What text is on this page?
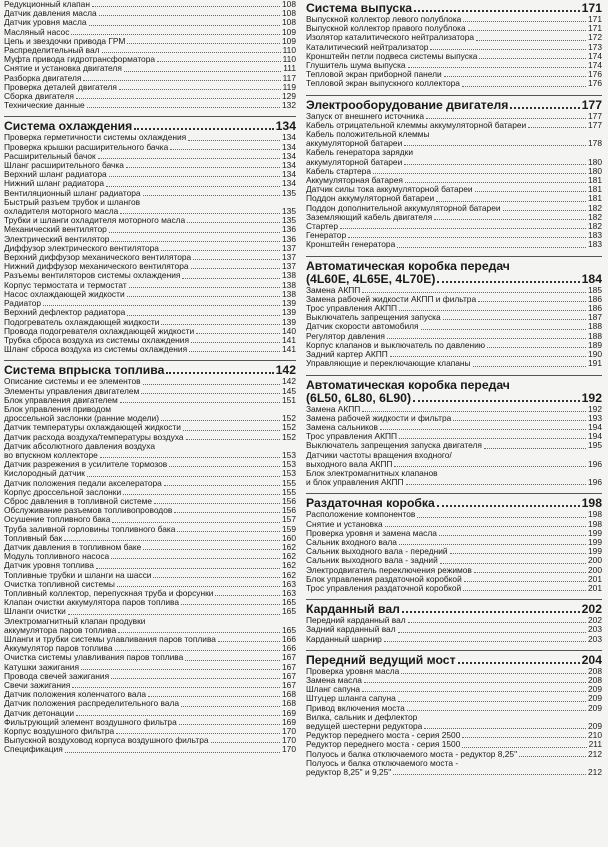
Редукционный клапан	108
Датчик давления масла	108
Датчик уровня масла	108
Масляный насос	109
Цепь и звездочки привода ГРМ	109
Распределительный вал	110
Муфта привода гидротрансформатора	110
Снятие и установка двигателя	111
Разборка двигателя	117
Проверка деталей двигателя	119
Сборка двигателя	129
Технические данные	132
Система охлаждения	134
Проверка герметичности системы охлаждения	134
Проверка крышки расширительного бачка	134
Расширительный бачок	134
Шланг расширительного бачка	134
Верхний шланг радиатора	134
Нижний шланг радиатора	134
Вентиляционный шланг радиатора	135
Быстрый разъем трубок и шлангов
охладителя моторного масла	135
Трубки и шланги охладителя моторного масла	135
Механический вентилятор	136
Электрический вентилятор	136
Диффузор электрического вентилятора	137
Верхний диффузор механического вентилятора	137
Нижний диффузор механического вентилятора	137
Разъемы вентиляторов системы охлаждения	138
Корпус термостата и термостат	138
Насос охлаждающей жидкости	138
Радиатор	139
Верхний дефлектор радиатора	139
Подогреватель охлаждающей жидкости	139
Провода подогревателя охлаждающей жидкости	140
Трубка сброса воздуха из системы охлаждения	141
Шланг сброса воздуха из системы охлаждения	141
Система впрыска топлива	142
Описание системы и ее элементов	142
Элементы управления двигателем	145
Блок управления двигателем	151
Блок управления приводом
дроссельной заслонки (ранние модели)	152
Датчик температуры охлаждающей жидкости	152
Датчик расхода воздуха/температуры воздуха	152
Датчик абсолютного давления воздуха
во впускном коллекторе	153
Датчик разрежения в усилителе тормозов	153
Кислородный датчик	153
Датчик положения педали акселератора	155
Корпус дроссельной заслонки	155
Сброс давления в топливной системе	156
Обслуживание разъемов топливопроводов	156
Осушение топливного бака	157
Труба заливной горловины топливного бака	159
Топливный бак	160
Датчик давления в топливном баке	162
Модуль топливного насоса	162
Датчик уровня топлива	162
Топливные трубки и шланги на шасси	162
Очистка топливной системы	163
Топливный коллектор, перепускная труба и форсунки	163
Клапан очистки аккумулятора паров топлива	165
Шланги очистки	165
Электромагнитный клапан продувки
аккумулятора паров топлива	165
Шланги и трубки системы улавливания паров топлива	166
Аккумулятор паров топлива	166
Очистка системы улавливания паров топлива	167
Катушки зажигания	167
Провода свечей зажигания	167
Свечи зажигания	167
Датчик положения коленчатого вала	168
Датчик положения распределительного вала	168
Датчик детонации	169
Фильтрующий элемент воздушного фильтра	169
Корпус воздушного фильтра	170
Выпускной воздуховод корпуса воздушного фильтра	170
Спецификация	170
Система выпуска	171
Выпускной коллектор левого полублока	171
Выпускной коллектор правого полублока	171
Изолятор каталитического нейтрализатора	172
Каталитический нейтрализатор	173
Кронштейн петли подвеса системы выпуска	174
Глушитель шума выпуска	174
Тепловой экран приборной панели	176
Тепловой экран выпускного коллектора	176
Электрооборудование двигателя	177
Запуск от внешнего источника	177
Кабель отрицательной клеммы аккумуляторной батареи	177
Кабель положительной клеммы
аккумуляторной батареи	178
Кабель генератора зарядки
аккумуляторной батареи	180
Кабель стартера	180
Аккумуляторная батарея	181
Датчик силы тока аккумуляторной батареи	181
Поддон аккумуляторной батареи	181
Поддон дополнительной аккумуляторной батареи	182
Заземляющий кабель двигателя	182
Стартер	182
Генератор	183
Кронштейн генератора	183
Автоматическая коробка передач
(4L60E, 4L65E, 4L70E)	184
Замена АКПП	185
Замена рабочей жидкости АКПП и фильтра	186
Трос управления АКПП	186
Выключатель запрещения запуска	187
Датчик скорости автомобиля	188
Регулятор давления	188
Корпус клапанов и выключатель по давлению	189
Задний картер АКПП	190
Управляющие и переключающие клапаны	191
Автоматическая коробка передач
(6L50, 6L80, 6L90)	192
Замена АКПП	192
Замена рабочей жидкости и фильтра	193
Замена сальников	194
Трос управления АКПП	194
Выключатель запрещения запуска двигателя	195
Датчики частоты вращения входного/
выходного вала АКПП	196
Блок электромагнитных клапанов
и блок управления АКПП	196
Раздаточная коробка	198
Расположение компонентов	198
Снятие и установка	198
Проверка уровня и замена масла	199
Сальник входного вала	199
Сальник выходного вала - передний	199
Сальник выходного вала - задний	200
Электродвигатель переключения режимов	200
Блок управления раздаточной коробкой	201
Трос управления раздаточной коробкой	201
Карданный вал	202
Передний карданный вал	202
Задний карданный вал	203
Карданный шарнир	203
Передний ведущий мост	204
Проверка уровня масла	208
Замена масла	208
Шланг сапуна	209
Штуцер шланга сапуна	209
Привод включения моста	209
Вилка, сальник и дефлектор
ведущей шестерни редуктора	209
Редуктор переднего моста - серия 2500	210
Редуктор переднего моста - серия 1500	211
Полуось и балка отключаемого моста - редуктор 8,25"	212
Полуось и балка отключаемого моста -
редуктор 8,25" и 9,25"	212
